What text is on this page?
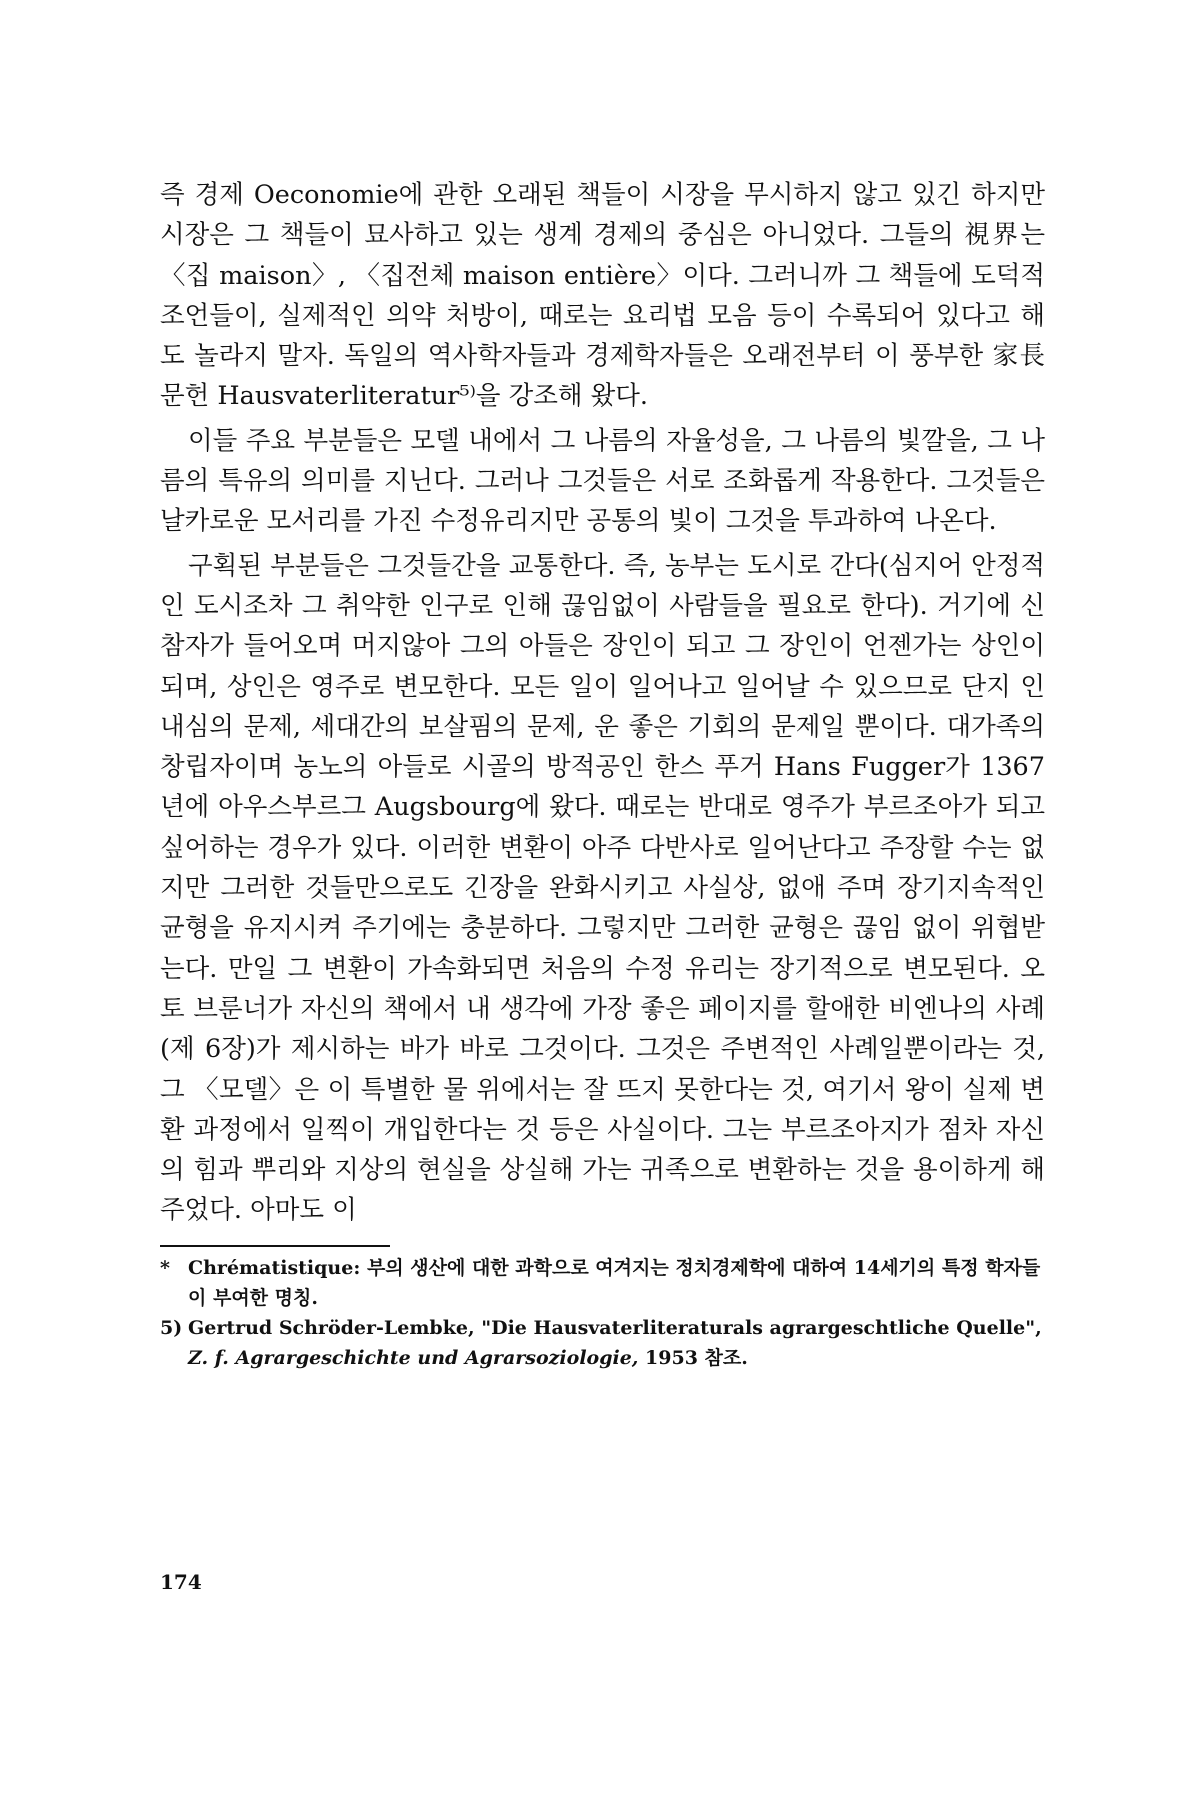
즉 경제 Oeconomie에 관한 오래된 책들이 시장을 무시하지 않고 있긴 하지만 시장은 그 책들이 묘사하고 있는 생계 경제의 중심은 아니었다. 그들의 視界는 〈집 maison〉, 〈집전체 maison entière〉이다. 그러니까 그 책들에 도덕적 조언들이, 실제적인 의약 처방이, 때로는 요리법 모음 등이 수록되어 있다고 해도 놀라지 말자. 독일의 역사학자들과 경제학자들은 오래전부터 이 풍부한 家長문헌 Hausvaterliteratur⁵⁾을 강조해 왔다.

이들 주요 부분들은 모델 내에서 그 나름의 자율성을, 그 나름의 빛깔을, 그 나름의 특유의 의미를 지닌다. 그러나 그것들은 서로 조화롭게 작용한다. 그것들은 날카로운 모서리를 가진 수정유리지만 공통의 빛이 그것을 투과하여 나온다.

구획된 부분들은 그것들간을 교통한다. 즉, 농부는 도시로 간다(심지어 안정적인 도시조차 그 취약한 인구로 인해 끊임없이 사람들을 필요로 한다). 거기에 신참자가 들어오며 머지않아 그의 아들은 장인이 되고 그 장인이 언젠가는 상인이 되며, 상인은 영주로 변모한다. 모든 일이 일어나고 일어날 수 있으므로 단지 인내심의 문제, 세대간의 보살핌의 문제, 운 좋은 기회의 문제일 뿐이다. 대가족의 창립자이며 농노의 아들로 시골의 방적공인 한스 푸거 Hans Fugger가 1367년에 아우스부르그 Augsbourg에 왔다. 때로는 반대로 영주가 부르조아가 되고 싶어하는 경우가 있다. 이러한 변환이 아주 다반사로 일어난다고 주장할 수는 없지만 그러한 것들만으로도 긴장을 완화시키고 사실상, 없애 주며 장기지속적인 균형을 유지시켜 주기에는 충분하다. 그렇지만 그러한 균형은 끊임 없이 위협받는다. 만일 그 변환이 가속화되면 처음의 수정 유리는 장기적으로 변모된다. 오토 브룬너가 자신의 책에서 내 생각에 가장 좋은 페이지를 할애한 비엔나의 사례(제 6장)가 제시하는 바가 바로 그것이다. 그것은 주변적인 사례일뿐이라는 것, 그 〈모델〉은 이 특별한 물 위에서는 잘 뜨지 못한다는 것, 여기서 왕이 실제 변환 과정에서 일찍이 개입한다는 것 등은 사실이다. 그는 부르조아지가 점차 자신의 힘과 뿌리와 지상의 현실을 상실해 가는 귀족으로 변환하는 것을 용이하게 해주었다. 아마도 이

* Chrématistique: 부의 생산에 대한 과학으로 여겨지는 정치경제학에 대하여 14세기의 특정 학자들이 부여한 명칭.

5) Gertrud Schröder-Lembke, "Die Hausvaterliteraturals agrargeschtliche Quelle", Z. f. Agrargeschichte und Agrarsoziologie, 1953 참조.

174
